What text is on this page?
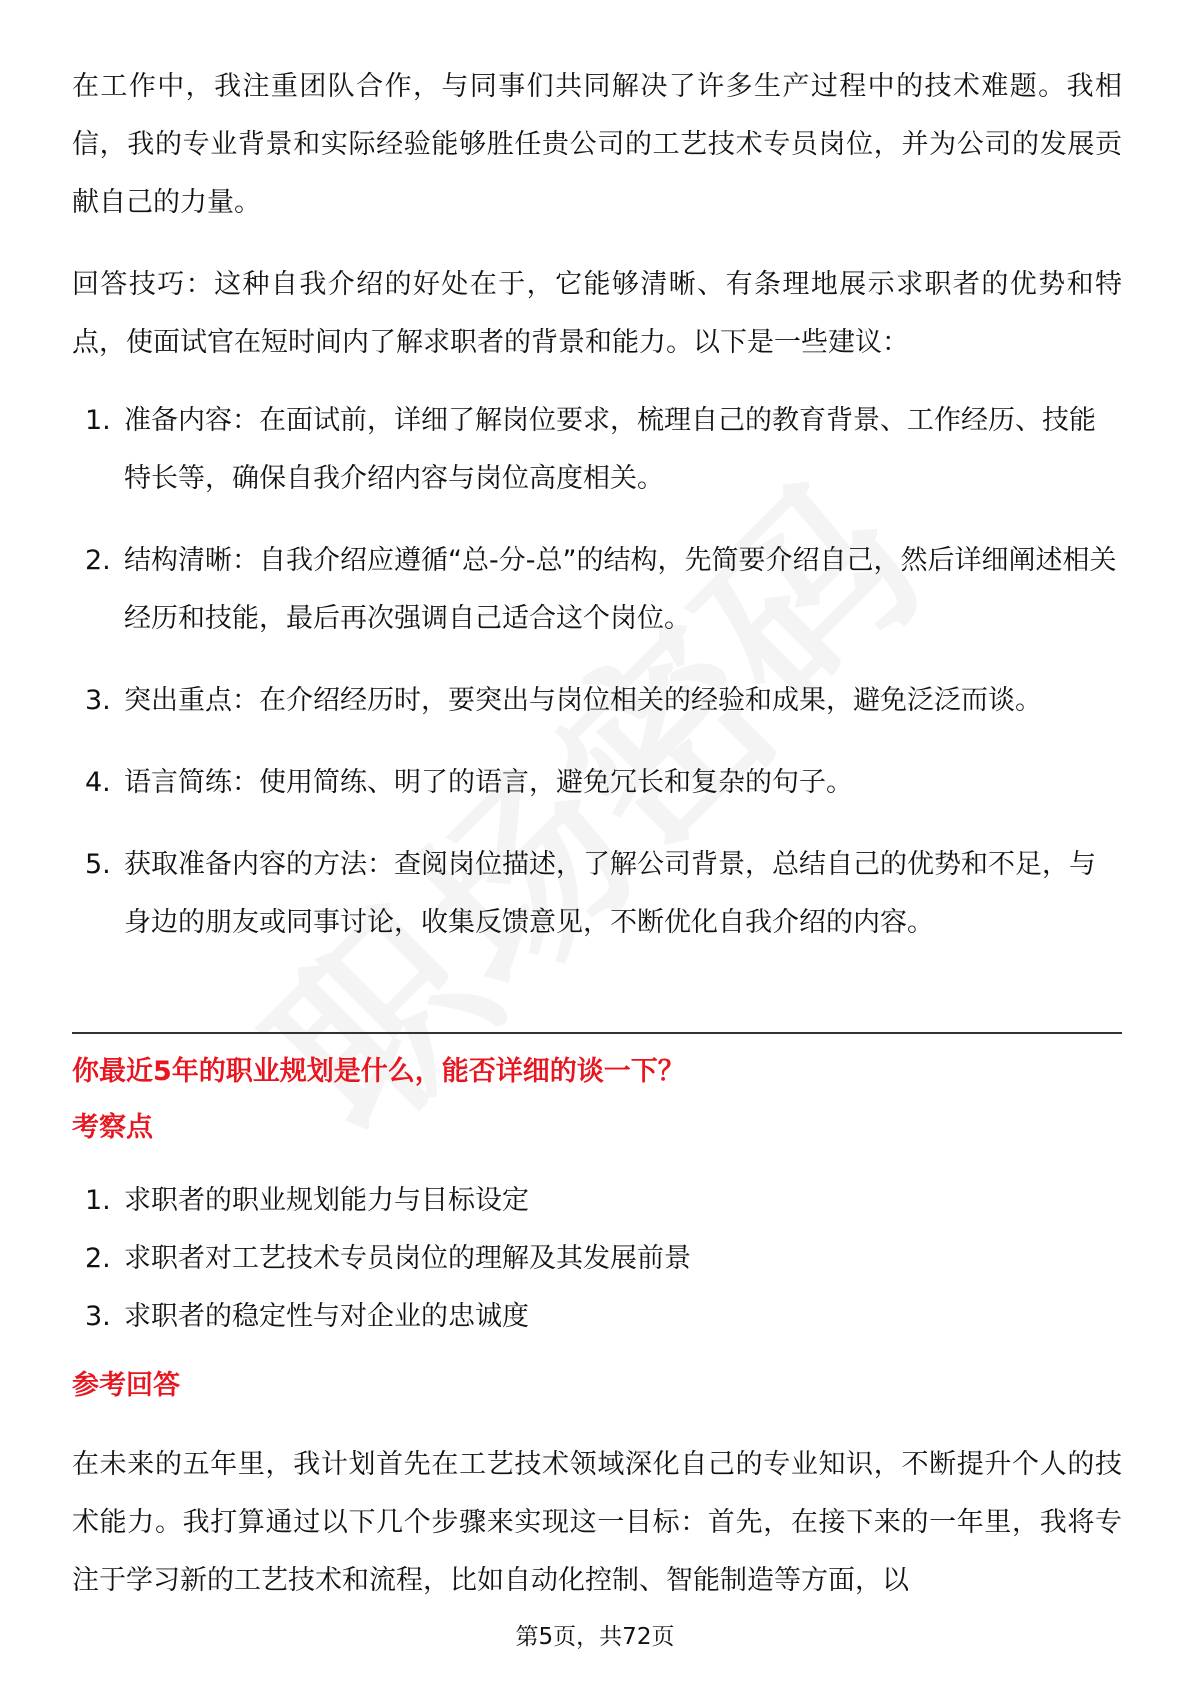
在工作中，我注重团队合作，与同事们共同解决了许多生产过程中的技术难题。我相信，我的专业背景和实际经验能够胜任贵公司的工艺技术专员岗位，并为公司的发展贡献自己的力量。

回答技巧：这种自我介绍的好处在于，它能够清晰、有条理地展示求职者的优势和特点，使面试官在短时间内了解求职者的背景和能力。以下是一些建议：

1. 准备内容：在面试前，详细了解岗位要求，梳理自己的教育背景、工作经历、技能特长等，确保自我介绍内容与岗位高度相关。
2. 结构清晰：自我介绍应遵循“总-分-总”的结构，先简要介绍自己，然后详细阐述相关经历和技能，最后再次强调自己适合这个岗位。
3. 突出重点：在介绍经历时，要突出与岗位相关的经验和成果，避免泛泛而谈。
4. 语言简练：使用简练、明了的语言，避免冗长和复杂的句子。
5. 获取准备内容的方法：查阅岗位描述，了解公司背景，总结自己的优势和不足，与身边的朋友或同事讨论，收集反馈意见，不断优化自我介绍的内容。

你最近5年的职业规划是什么，能否详细的谈一下？

考察点

1. 求职者的职业规划能力与目标设定
2. 求职者对工艺技术专员岗位的理解及其发展前景
3. 求职者的稳定性与对企业的忠诚度

参考回答

在未来的五年里，我计划首先在工艺技术领域深化自己的专业知识，不断提升个人的技术能力。我打算通过以下几个步骤来实现这一目标：首先，在接下来的一年里，我将专注于学习新的工艺技术和流程，比如自动化控制、智能制造等方面，以

第5页，共72页
